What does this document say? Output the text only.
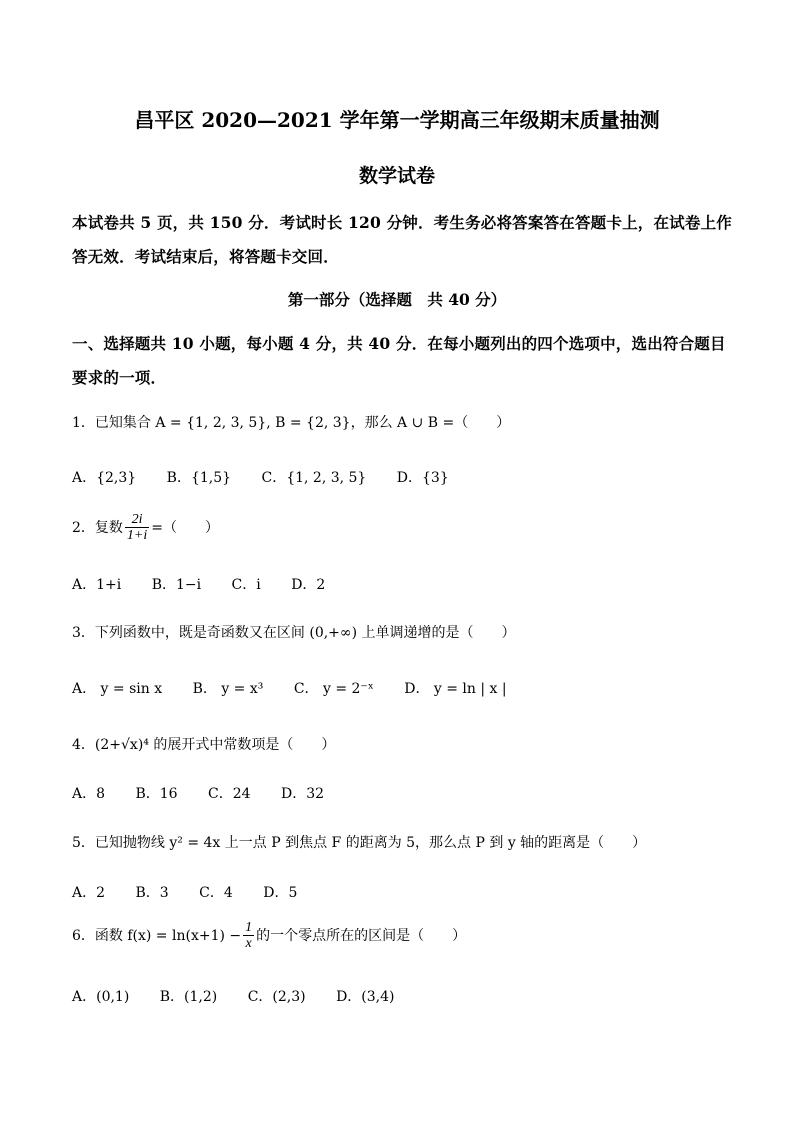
昌平区 2020—2021 学年第一学期高三年级期末质量抽测
数学试卷
本试卷共 5 页，共 150 分．考试时长 120 分钟．考生务必将答案答在答题卡上，在试卷上作
答无效．考试结束后，将答题卡交回．
第一部分（选择题　共 40 分）
一、选择题共 10 小题，每小题 4 分，共 40 分．在每小题列出的四个选项中，选出符合题目
要求的一项．
1．已知集合 A = {1, 2, 3, 5}, B = {2, 3}，那么 A ∪ B =（　　）
A．{2,3} B．{1,5} C．{1, 2, 3, 5} D．{3}
2．复数 $\frac{2i}{1+i}$ =（　　）
A．1+i B．1−i C．i D．2
3．下列函数中，既是奇函数又在区间 (0,+∞) 上单调递增的是（　　）
A． y = sin x B． y = x³ C． y = 2⁻ˣ D． y = ln | x |
4．(2+√x)⁴ 的展开式中常数项是（　　）
A．8 B．16 C．24 D．32
5．已知抛物线 y² = 4x 上一点 P 到焦点 F 的距离为 5，那么点 P 到 y 轴的距离是（　　）
A．2 B．3 C．4 D．5
6．函数 $f(x) = \ln(x+1) - \frac{1}{x}$ 的一个零点所在的区间是（　　）
A．(0,1) B．(1,2) C．(2,3) D．(3,4)
